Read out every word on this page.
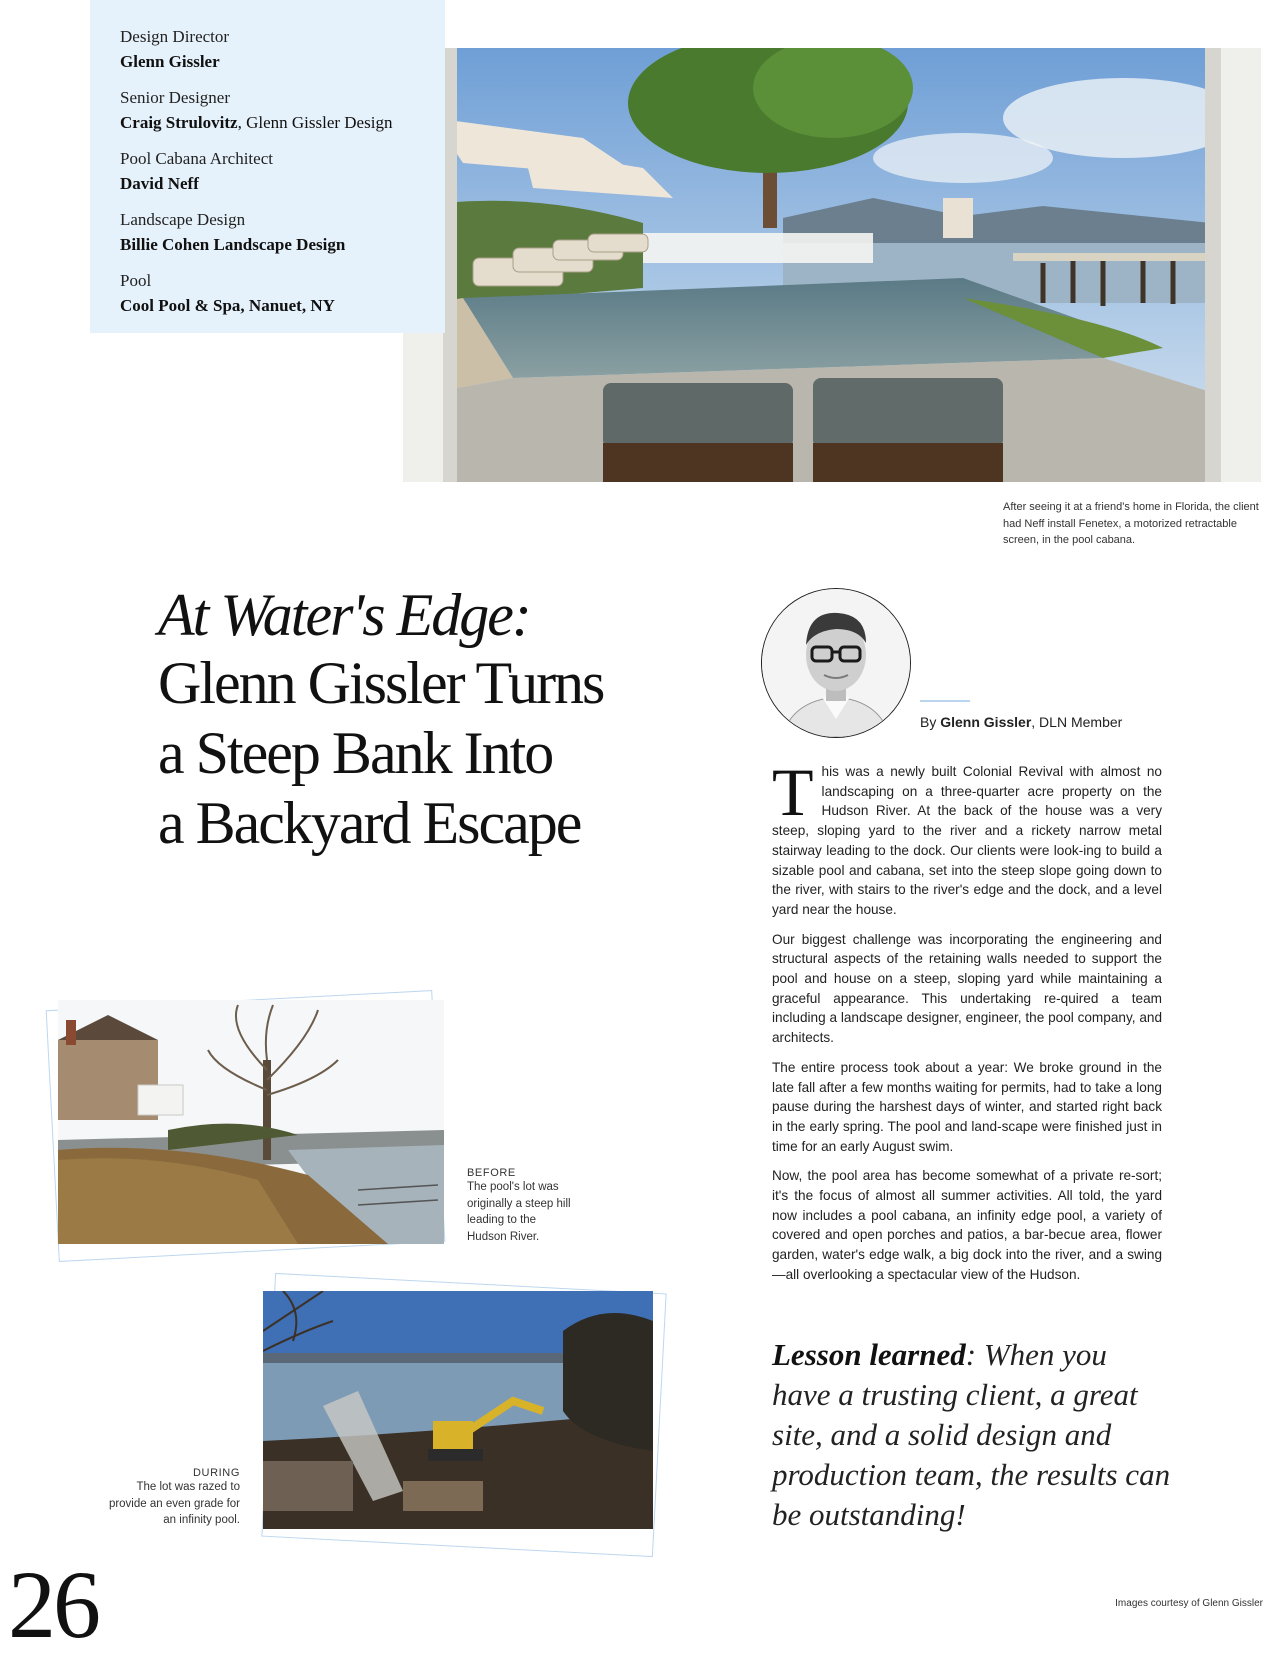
Design Director
Glenn Gissler
Senior Designer
Craig Strulovitz, Glenn Gissler Design
Pool Cabana Architect
David Neff
Landscape Design
Billie Cohen Landscape Design
Pool
Cool Pool & Spa, Nanuet, NY
After seeing it at a friend's home in Florida, the client had Neff install Fenetex, a motorized retractable screen, in the pool cabana.
At Water's Edge:
Glenn Gissler Turns
a Steep Bank Into
a Backyard Escape
By Glenn Gissler, DLN Member

This was a newly built Colonial Revival with almost no landscaping on a three-quarter acre property on the Hudson River. At the back of the house was a very steep, sloping yard to the river and a rickety narrow metal stairway leading to the dock. Our clients were look-ing to build a sizable pool and cabana, set into the steep slope going down to the river, with stairs to the river's edge and the dock, and a level yard near the house.

Our biggest challenge was incorporating the engineering and structural aspects of the retaining walls needed to support the pool and house on a steep, sloping yard while maintaining a graceful appearance. This undertaking re-quired a team including a landscape designer, engineer, the pool company, and architects.

The entire process took about a year: We broke ground in the late fall after a few months waiting for permits, had to take a long pause during the harshest days of winter, and started right back in the early spring. The pool and land-scape were finished just in time for an early August swim.

Now, the pool area has become somewhat of a private re-sort; it's the focus of almost all summer activities. All told, the yard now includes a pool cabana, an infinity edge pool, a variety of covered and open porches and patios, a bar-becue area, flower garden, water's edge walk, a big dock into the river, and a swing—all overlooking a spectacular view of the Hudson.

Lesson learned: When you have a trusting client, a great site, and a solid design and production team, the results can be outstanding!
BEFORE
The pool's lot was originally a steep hill leading to the Hudson River.
DURING
The lot was razed to provide an even grade for an infinity pool.
26	Images courtesy of Glenn Gissler
